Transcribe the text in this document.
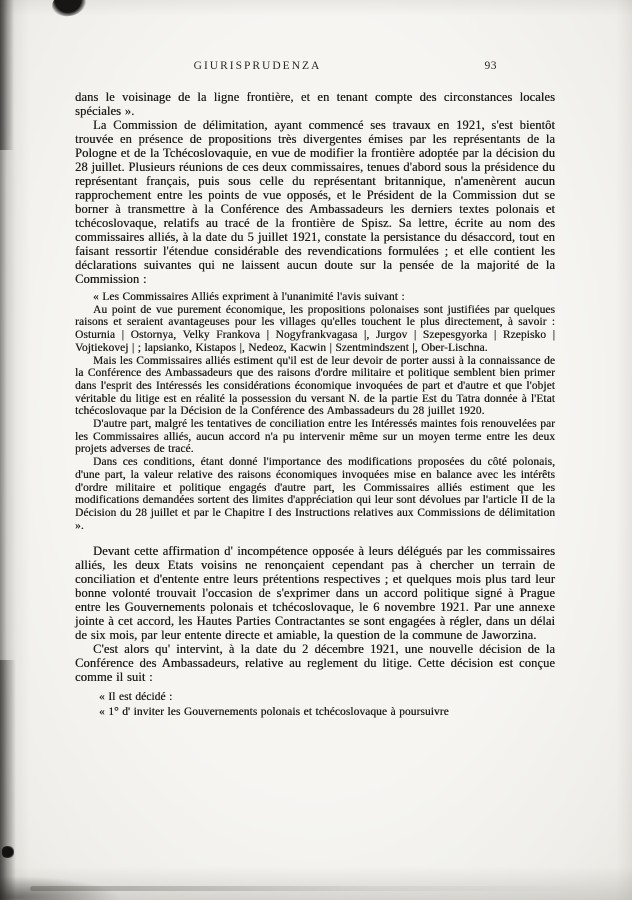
GIURISPRUDENZA	93

dans le voisinage de la ligne frontière, et en tenant compte des circonstances locales spéciales ».

La Commission de délimitation, ayant commencé ses travaux en 1921, s'est bientôt trouvée en présence de propositions très divergentes émises par les représentants de la Pologne et de la Tchécoslovaquie, en vue de modifier la frontière adoptée par la décision du 28 juillet. Plusieurs réunions de ces deux commissaires, tenues d'abord sous la présidence du représentant français, puis sous celle du représentant britannique, n'amenèrent aucun rapprochement entre les points de vue opposés, et le Président de la Commission dut se borner à transmettre à la Conférence des Ambassadeurs les derniers textes polonais et tchécoslovaque, relatifs au tracé de la frontière de Spisz. Sa lettre, écrite au nom des commissaires alliés, à la date du 5 juillet 1921, constate la persistance du désaccord, tout en faisant ressortir l'étendue considérable des revendications formulées ; et elle contient les déclarations suivantes qui ne laissent aucun doute sur la pensée de la majorité de la Commission :

« Les Commissaires Alliés expriment à l'unanimité l'avis suivant :

Au point de vue purement économique, les propositions polonaises sont justifiées par quelques raisons et seraient avantageuses pour les villages qu'elles touchent le plus directement, à savoir : Osturnia | Ostornya, Velky Frankova | Nogyfrankvagasa |, Jurgov | Szepesgyorka | Rzepisko | Vojtiekovej | ; lapsianko, Kistapos |, Nedeoz, Kacwin | Szentmindszent |, Ober-Lischna.

Mais les Commissaires alliés estiment qu'il est de leur devoir de porter aussi à la connaissance de la Conférence des Ambassadeurs que des raisons d'ordre militaire et politique semblent bien primer dans l'esprit des Intéressés les considérations économique invoquées de part et d'autre et que l'objet véritable du litige est en réalité la possession du versant N. de la partie Est du Tatra donnée à l'Etat tchécoslovaque par la Décision de la Conférence des Ambassadeurs du 28 juillet 1920.

D'autre part, malgré les tentatives de conciliation entre les Intéressés maintes fois renouvelées par les Commissaires alliés, aucun accord n'a pu intervenir même sur un moyen terme entre les deux projets adverses de tracé.

Dans ces conditions, étant donné l'importance des modifications proposées du côté polonais, d'une part, la valeur relative des raisons économiques invoquées mise en balance avec les intérêts d'ordre militaire et politique engagés d'autre part, les Commissaires alliés estiment que les modifications demandées sortent des limites d'appréciation qui leur sont dévolues par l'article II de la Décision du 28 juillet et par le Chapitre I des Instructions relatives aux Commissions de délimitation ».

Devant cette affirmation d' incompétence opposée à leurs délégués par les commissaires alliés, les deux Etats voisins ne renonçaient cependant pas à chercher un terrain de conciliation et d'entente entre leurs prétentions respectives ; et quelques mois plus tard leur bonne volonté trouvait l'occasion de s'exprimer dans un accord politique signé à Prague entre les Gouvernements polonais et tchécoslovaque, le 6 novembre 1921. Par une annexe jointe à cet accord, les Hautes Parties Contractantes se sont engagées à régler, dans un délai de six mois, par leur entente directe et amiable, la question de la commune de Jaworzina.

C'est alors qu' intervint, à la date du 2 décembre 1921, une nouvelle décision de la Conférence des Ambassadeurs, relative au reglement du litige. Cette décision est conçue comme il suit :

« Il est décidé :

« 1° d' inviter les Gouvernements polonais et tchécoslovaque à poursuivre
